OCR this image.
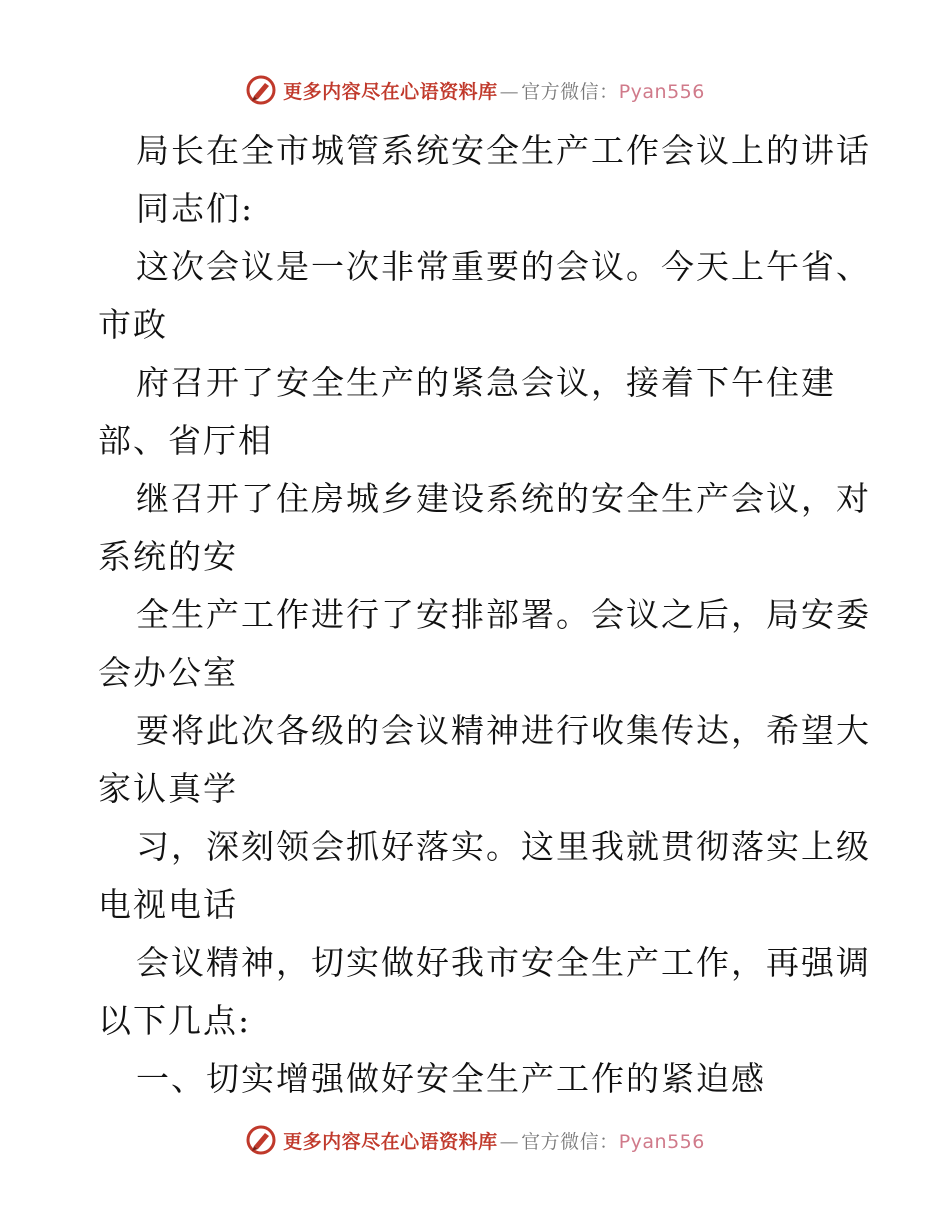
更多内容尽在心语资料库 — 官方微信：Pyan556
局长在全市城管系统安全生产工作会议上的讲话
同志们:
这次会议是一次非常重要的会议。今天上午省、
市政
府召开了安全生产的紧急会议，接着下午住建
部、省厅相
继召开了住房城乡建设系统的安全生产会议，对
系统的安
全生产工作进行了安排部署。会议之后，局安委
会办公室
要将此次各级的会议精神进行收集传达，希望大
家认真学
习，深刻领会抓好落实。这里我就贯彻落实上级
电视电话
会议精神，切实做好我市安全生产工作，再强调
以下几点:
一、切实增强做好安全生产工作的紧迫感
更多内容尽在心语资料库 — 官方微信：Pyan556
